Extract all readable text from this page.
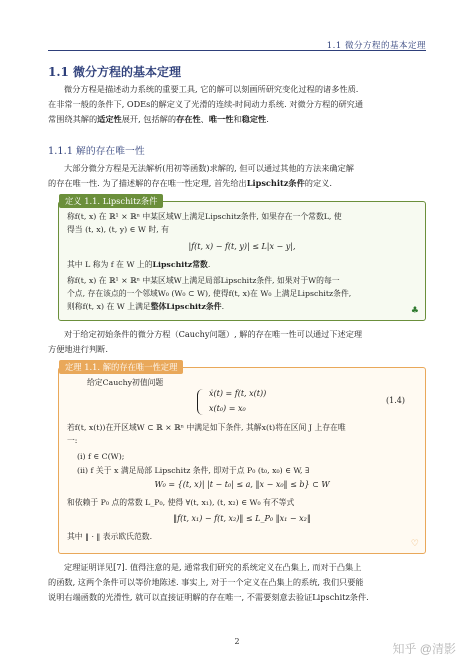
1.1 微分方程的基本定理
1.1 微分方程的基本定理
微分方程是描述动力系统的重要工具, 它的解可以刻画所研究变化过程的诸多性质.
在非常一般的条件下, ODEs的解定义了光滑的连续-时间动力系统. 对微分方程的研究通
常围绕其解的适定性展开, 包括解的存在性、唯一性和稳定性.
1.1.1 解的存在唯一性
大部分微分方程是无法解析(用初等函数)求解的, 但可以通过其他的方法来确定解
的存在唯一性. 为了描述解的存在唯一性定理, 首先给出Lipschitz条件的定义.
定义 1.1. Lipschitz条件
称f(t, x) 在 ℝ¹ × ℝⁿ 中某区域W上满足Lipschitz条件, 如果存在一个常数L, 使
得当 (t, x), (t, y) ∈ W 时, 有
|f(t, x) − f(t, y)| ≤ L|x − y|,
其中 L 称为 f 在 W 上的Lipschitz常数.
称f(t, x) 在 ℝ¹ × ℝⁿ 中某区域W上满足局部Lipschitz条件, 如果对于W的每一
个点, 存在该点的一个邻域W₀ (W₀ ⊂ W), 使得f(t, x)在 W₀ 上满足Lipschitz条件,
则称f(t, x) 在 W 上满足整体Lipschitz条件.	♣
对于给定初始条件的微分方程（Cauchy问题）, 解的存在唯一性可以通过下述定理
方便地进行判断.
定理 1.1. 解的存在唯一性定理
给定Cauchy初值问题
ẋ(t) = f(t, x(t))
x(t₀) = x₀
(1.4)
若f(t, x(t))在开区域W ⊂ ℝ × ℝⁿ 中满足如下条件, 其解x(t)将在区间 J 上存在唯
一:
(i) f ∈ C(W);
(ii) f 关于 x 满足局部 Lipschitz 条件, 即对于点 P₀ (t₀, x₀) ∈ W, ∃
W₀ = {(t, x)| |t − t₀| ≤ a, ‖x − x₀‖ ≤ b} ⊂ W
和依赖于 P₀ 点的常数 L_P₀, 使得 ∀(t, x₁), (t, x₂) ∈ W₀ 有不等式
‖f(t, x₁) − f(t, x₂)‖ ≤ L_P₀ ‖x₁ − x₂‖
其中 ‖ · ‖ 表示欧氏范数.
♡
定理证明详见[7]. 值得注意的是, 通常我们研究的系统定义在凸集上, 而对于凸集上
的函数, 这两个条件可以等价地陈述. 事实上, 对于一个定义在凸集上的系统, 我们只要能
说明右端函数的光滑性, 就可以直接证明解的存在唯一, 不需要刻意去验证Lipschitz条件.
2
知乎 @清影
